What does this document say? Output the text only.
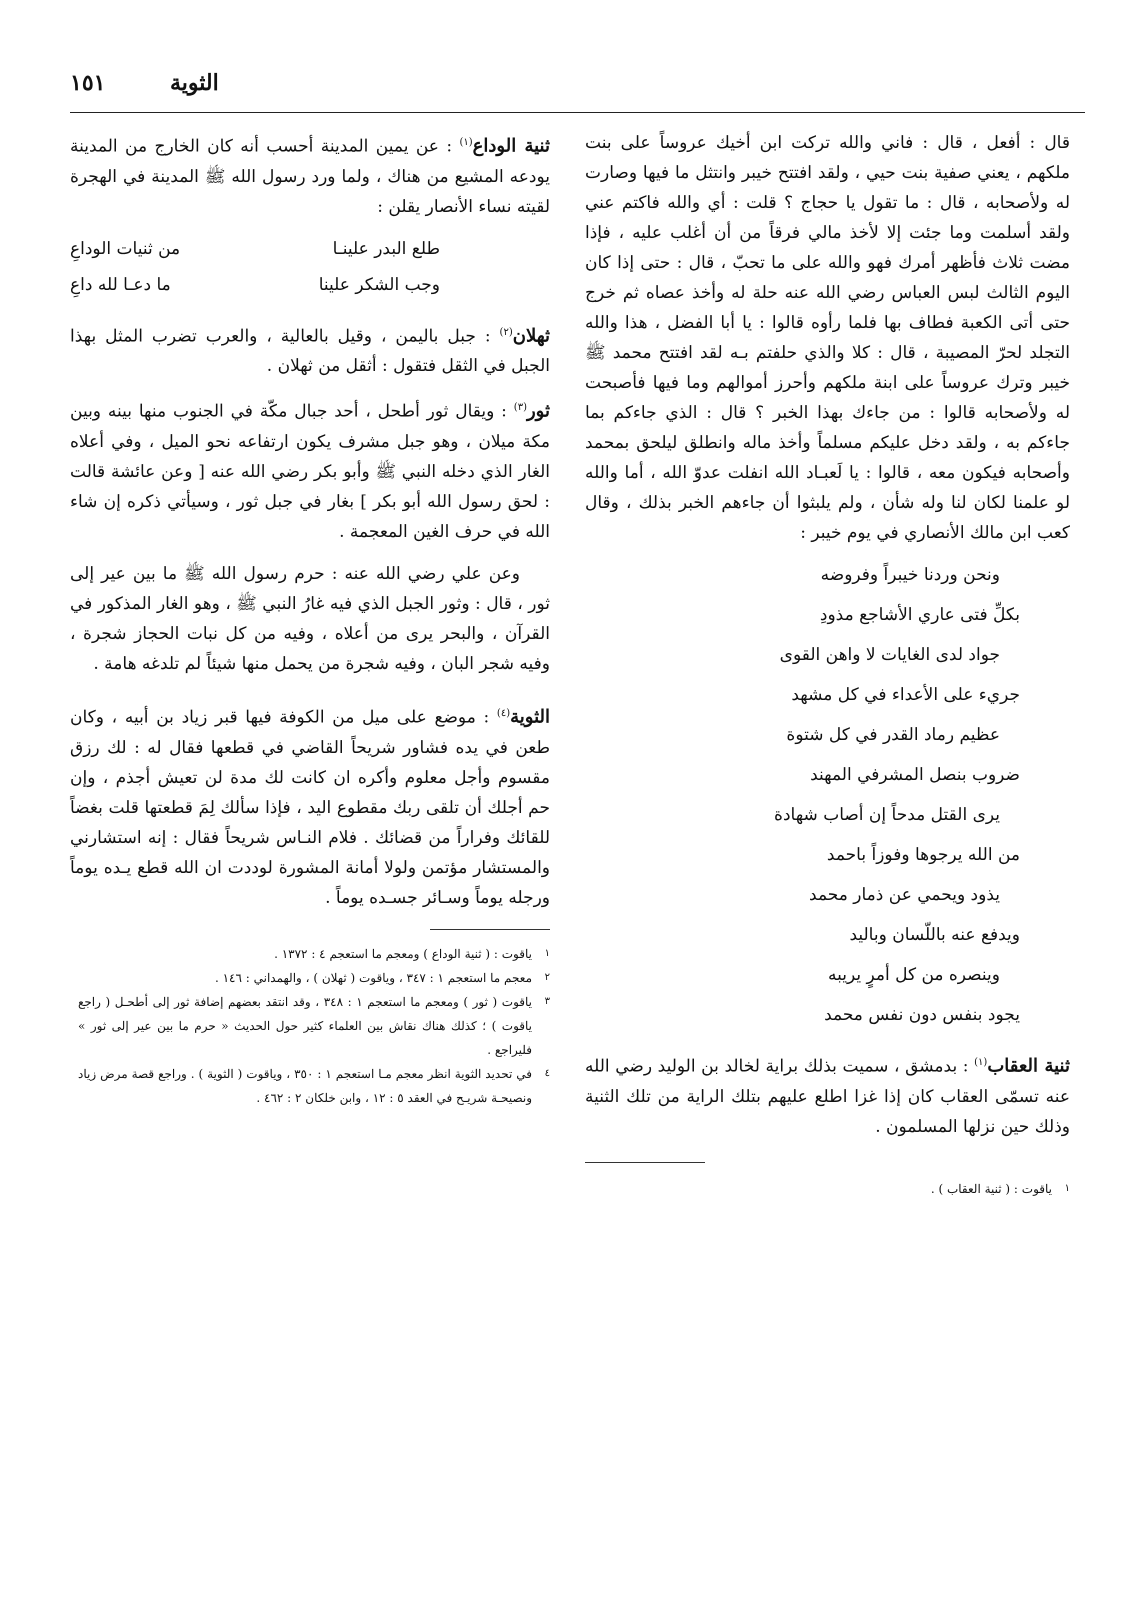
١٥١	الثوية

قال : أفعل ، قال : فاني والله تركت ابن أخيك عروساً على بنت ملكهم ، يعني صفية بنت حيي ، ولقد افتتح خيبر وانتثل ما فيها وصارت له ولأصحابه ، قال : ما تقول يا حجاج ؟ قلت : أي والله فاكتم عني ولقد أسلمت وما جئت إلا لأخذ مالي فرقاً من أن أغلب عليه ، فإذا مضت ثلاث فأظهر أمرك فهو والله على ما تحبّ ، قال : حتى إذا كان اليوم الثالث لبس العباس رضي الله عنه حلة له وأخذ عصاه ثم خرج حتى أتى الكعبة فطاف بها فلما رأوه قالوا : يا أبا الفضل ، هذا والله التجلد لحرّ المصيبة ، قال : كلا والذي حلفتم بـه لقد افتتح محمد ﷺ خيبر وترك عروساً على ابنة ملكهم وأحرز أموالهم وما فيها فأصبحت له ولأصحابه قالوا : من جاءك بهذا الخبر ؟ قال : الذي جاءكم بما جاءكم به ، ولقد دخل عليكم مسلماً وأخذ ماله وانطلق ليلحق بمحمد وأصحابه فيكون معه ، قالوا : يا لَعبـاد الله انفلت عدوّ الله ، أما والله لو علمنا لكان لنا وله شأن ، ولم يلبثوا أن جاءهم الخبر بذلك ، وقال كعب ابن مالك الأنصاري في يوم خيبر :

ونحن وردنا خيبراً وفروضه
بكلِّ فتى عاري الأشاجع مذودِ
جواد لدى الغايات لا واهن القوى
جريء على الأعداء في كل مشهد
عظيم رماد القدر في كل شتوة
ضروب بنصل المشرفي المهند
يرى القتل مدحاً إن أصاب شهادة
من الله يرجوها وفوزاً باحمد
يذود ويحمي عن ذمار محمد
ويدفع عنه باللّسان وباليد
وينصره من كل أمرٍ يريبه
يجود بنفس دون نفس محمد

ثنية العقاب$^{(١)}$ : بدمشق ، سميت بذلك براية لخالد بن الوليد رضي الله عنه تسمّى العقاب كان إذا غزا اطلع عليهم بتلك الراية من تلك الثنية وذلك حين نزلها المسلمون .

١ياقوت : ( ثنية العقاب ) .

ثنية الوداع$^{(١)}$ : عن يمين المدينة أحسب أنه كان الخارج من المدينة يودعه المشيع من هناك ، ولما ورد رسول الله ﷺ المدينة في الهجرة لقيته نساء الأنصار يقلن :

طلع البدر علينـا
من ثنيات الوداعِ
وجب الشكر علينا
ما دعـا لله داعِ

ثهلان$^{(٢)}$ : جبل باليمن ، وقيل بالعالية ، والعرب تضرب المثل بهذا الجبل في الثقل فتقول : أثقل من ثهلان .

ثور$^{(٣)}$ : ويقال ثور أطحل ، أحد جبال مكّة في الجنوب منها بينه وبين مكة ميلان ، وهو جبل مشرف يكون ارتفاعه نحو الميل ، وفي أعلاه الغار الذي دخله النبي ﷺ وأبو بكر رضي الله عنه [ وعن عائشة قالت : لحق رسول الله أبو بكر ] بغار في جبل ثور ، وسيأتي ذكره إن شاء الله في حرف الغين المعجمة .

وعن علي رضي الله عنه : حرم رسول الله ﷺ ما بين عير إلى ثور ، قال : وثور الجبل الذي فيه غارُ النبي ﷺ ، وهو الغار المذكور في القرآن ، والبحر يرى من أعلاه ، وفيه من كل نبات الحجاز شجرة ، وفيه شجر البان ، وفيه شجرة من يحمل منها شيئاً لم تلدغه هامة .

الثوية$^{(٤)}$ : موضع على ميل من الكوفة فيها قبر زياد بن أبيه ، وكان طعن في يده فشاور شريحاً القاضي في قطعها فقال له : لك رزق مقسوم وأجل معلوم وأكره ان كانت لك مدة لن تعيش أجذم ، وإن حم أجلك أن تلقى ربك مقطوع اليد ، فإذا سألك لِمَ قطعتها قلت بغضاً للقائك وفراراً من قضائك . فلام النـاس شريحاً فقال : إنه استشارني والمستشار مؤتمن ولولا أمانة المشورة لوددت ان الله قطع يـده يوماً ورجله يوماً وسـائر جسـده يوماً .

١ياقوت : ( ثنية الوداع ) ومعجم ما استعجم ٤ : ١٣٧٢ .

٢معجم ما استعجم ١ : ٣٤٧ ، وياقوت ( ثهلان ) ، والهمداني : ١٤٦ .

٣ياقوت ( ثور ) ومعجم ما استعجم ١ : ٣٤٨ ، وقد انتقد بعضهم إضافة ثور إلى أطحـل ( راجع ياقوت ) ؛ كذلك هناك نقاش بين العلماء كثير حول الحديث « حرم ما بين عير إلى ثور » فليراجع .

٤في تحديد الثوية انظر معجم مـا استعجم ١ : ٣٥٠ ، وياقوت ( الثوية ) . وراجع قصة مرض زياد ونصيحـة شريـح في العقد ٥ : ١٢ ، وابن خلكان ٢ : ٤٦٢ .
